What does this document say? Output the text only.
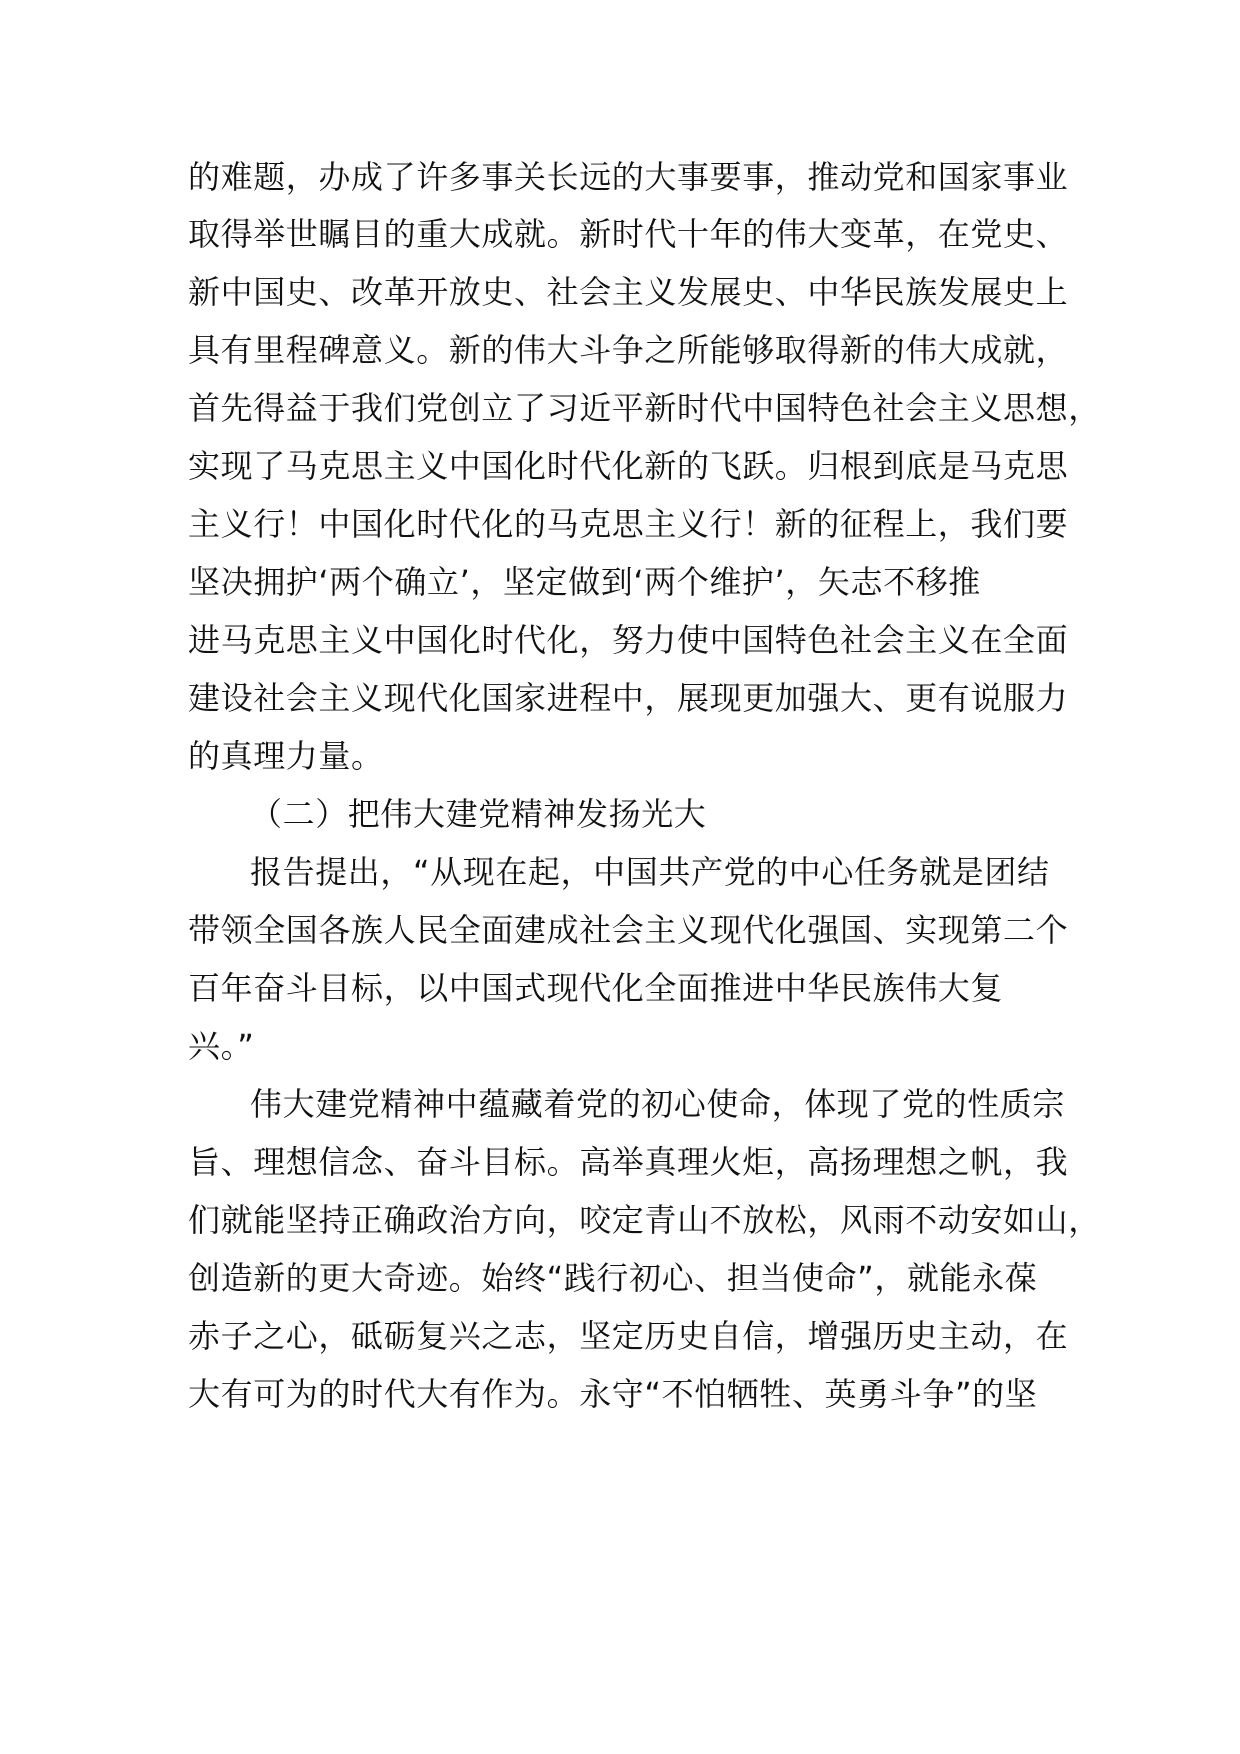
的难题，办成了许多事关长远的大事要事，推动党和国家事业
取得举世瞩目的重大成就。新时代十年的伟大变革，在党史、
新中国史、改革开放史、社会主义发展史、中华民族发展史上
具有里程碑意义。新的伟大斗争之所能够取得新的伟大成就，
首先得益于我们党创立了习近平新时代中国特色社会主义思想，
实现了马克思主义中国化时代化新的飞跃。归根到底是马克思
主义行！中国化时代化的马克思主义行！新的征程上，我们要
坚决拥护‘两个确立’，坚定做到‘两个维护’，矢志不移推
进马克思主义中国化时代化，努力使中国特色社会主义在全面
建设社会主义现代化国家进程中，展现更加强大、更有说服力
的真理力量。
（二）把伟大建党精神发扬光大
报告提出，“从现在起，中国共产党的中心任务就是团结
带领全国各族人民全面建成社会主义现代化强国、实现第二个
百年奋斗目标，以中国式现代化全面推进中华民族伟大复
兴。”
伟大建党精神中蕴藏着党的初心使命，体现了党的性质宗
旨、理想信念、奋斗目标。高举真理火炬，高扬理想之帆，我
们就能坚持正确政治方向，咬定青山不放松，风雨不动安如山，
创造新的更大奇迹。始终“践行初心、担当使命”，就能永葆
赤子之心，砥砺复兴之志，坚定历史自信，增强历史主动，在
大有可为的时代大有作为。永守“不怕牺牲、英勇斗争”的坚
